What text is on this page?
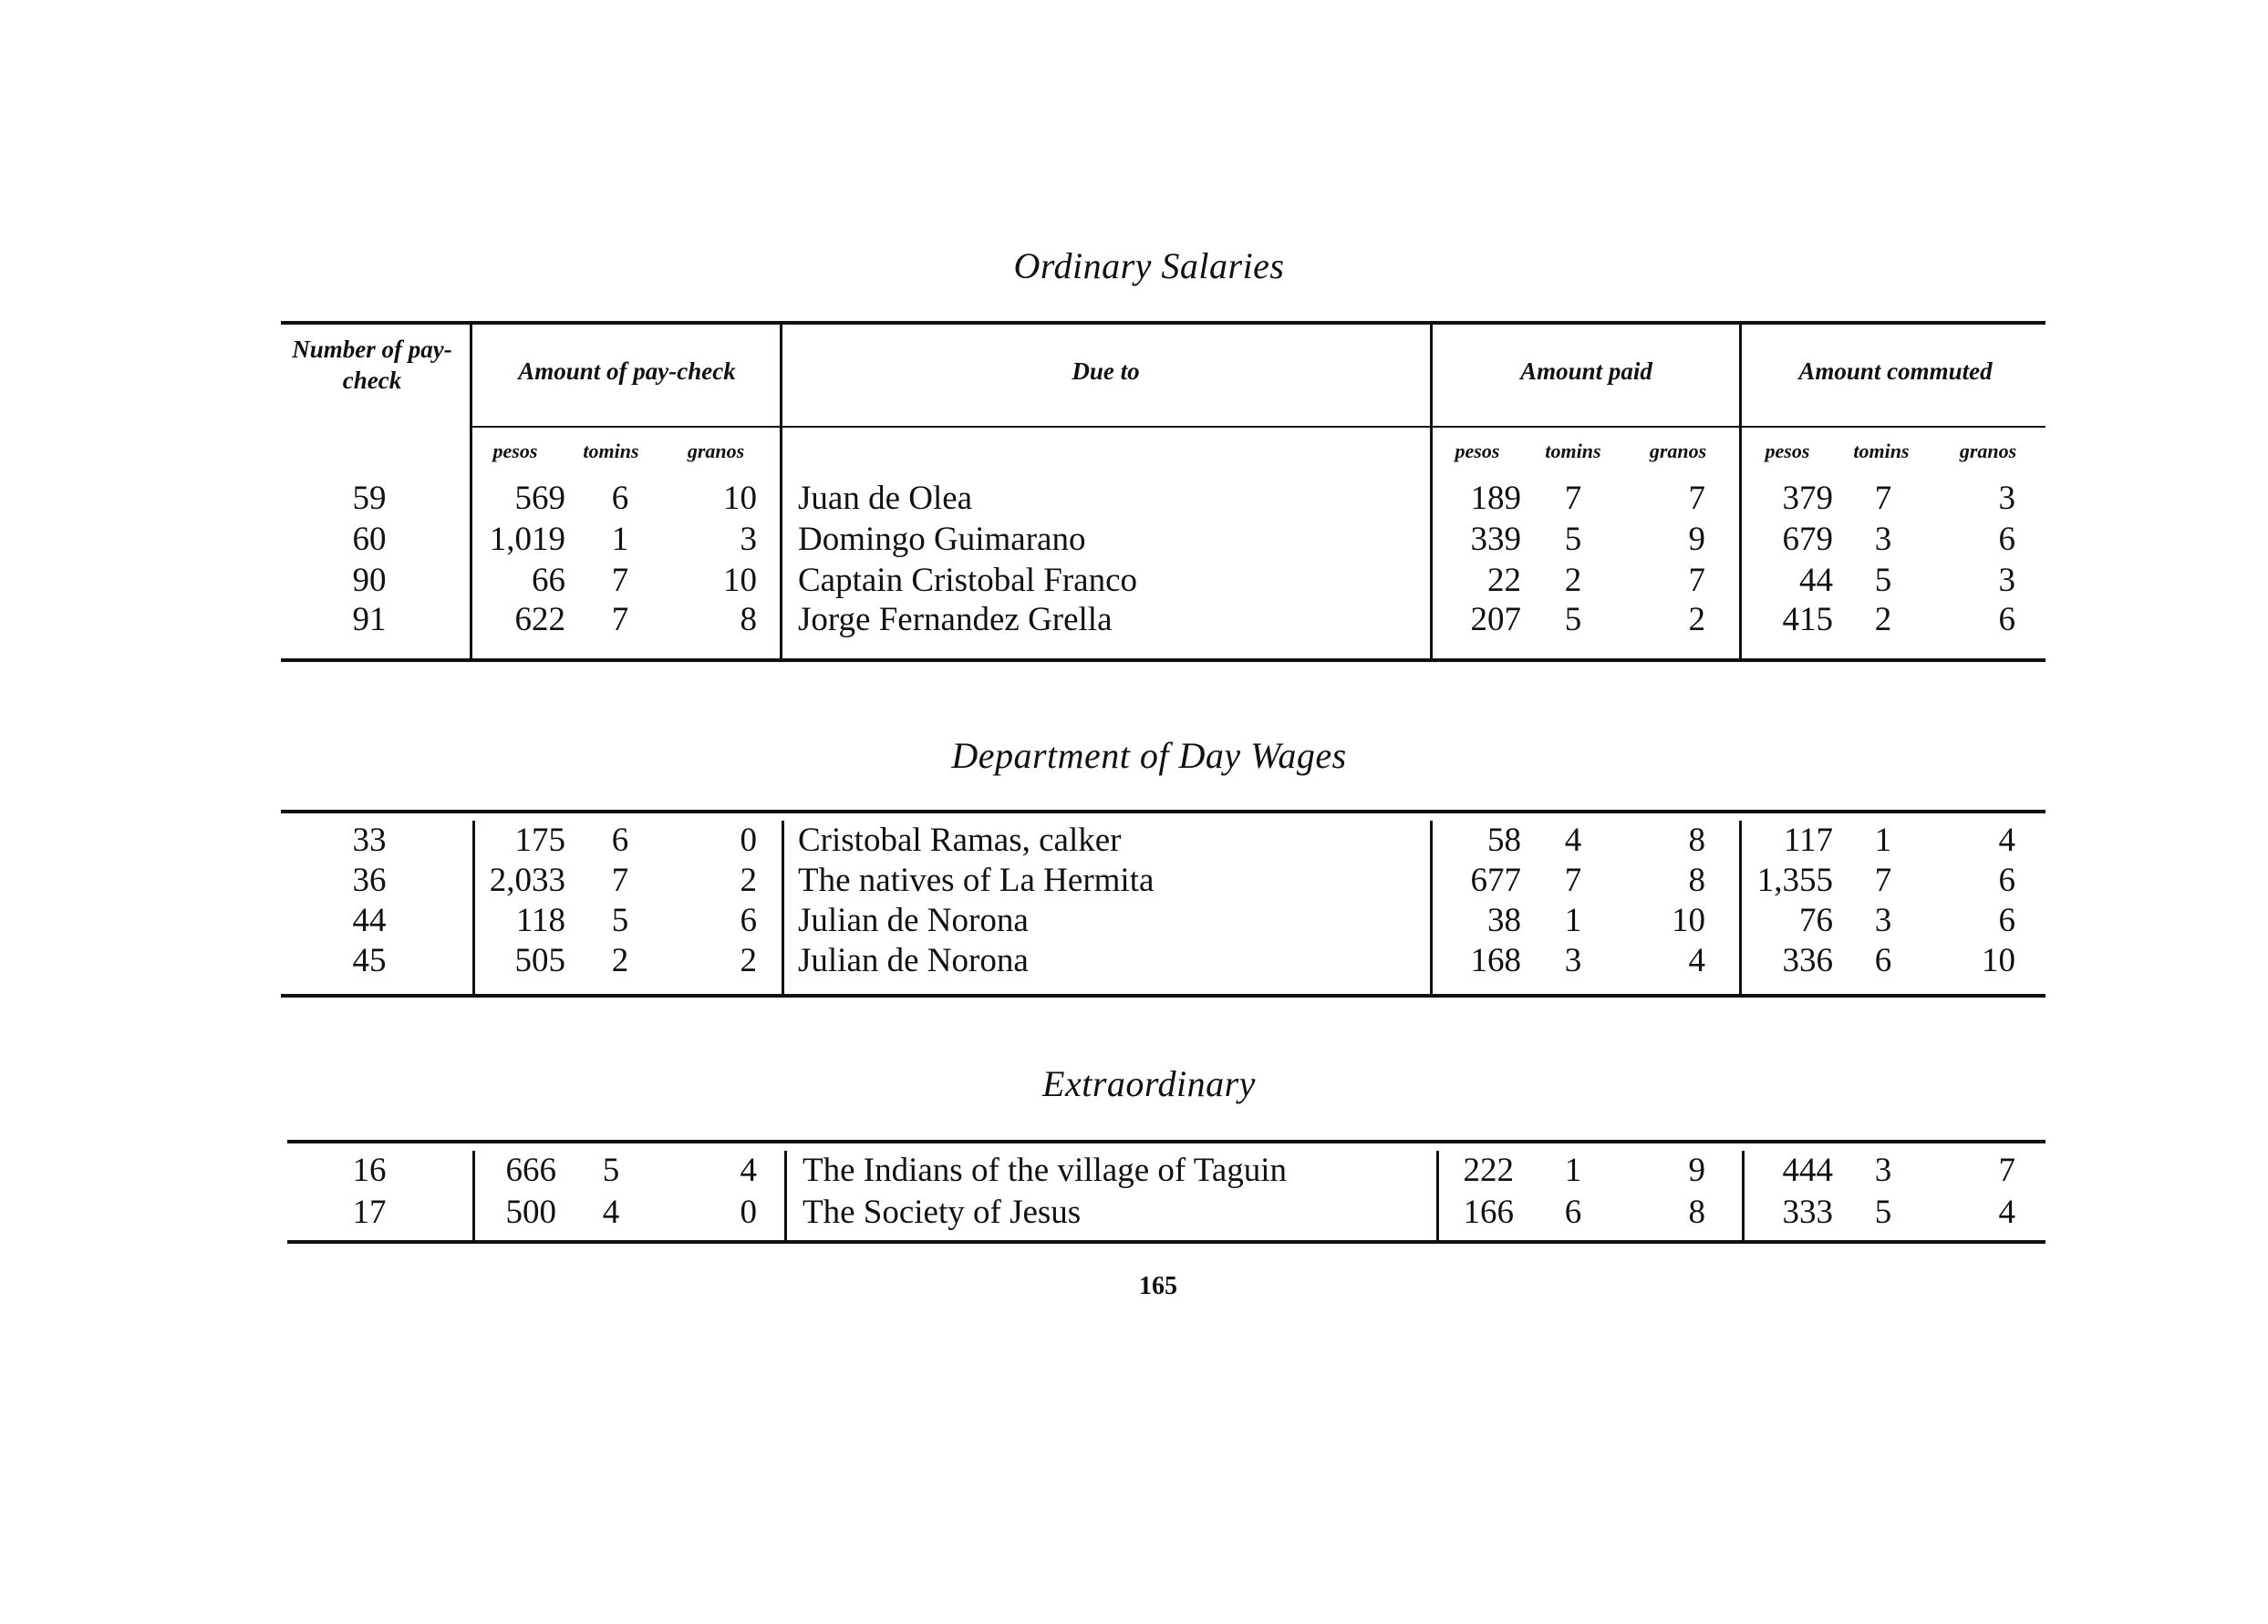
Ordinary Salaries
Department of Day Wages
Extraordinary
Number of pay-check	Amount of pay-check	Due to	Amount paid	Amount commuted
pesos	tomins	granos	pesos	tomins	granos	pesos	tomins	granos
59	569	6	10 Juan de Olea	189	7	7	379	7	3
60	1,019	1	3 Domingo Guimarano	339	5	9	679	3	6
90	66	7	10 Captain Cristobal Franco	22	2	7	44	5	3
91	622	7	8 Jorge Fernandez Grella	207	5	2	415	2	6
33	175	6	0 Cristobal Ramas, calker	58	4	8	117	1	4
36	2,033	7	2 The natives of La Hermita	677	7	8	1,355	7	6
44	118	5	6 Julian de Norona	38	1	10	76	3	6
45	505	2	2 Julian de Norona	168	3	4	336	6	10
16	666	5	4 The Indians of the village of Taguin	222	1	9	444	3	7
17	500	4	0 The Society of Jesus	166	6	8	333	5	4
165
